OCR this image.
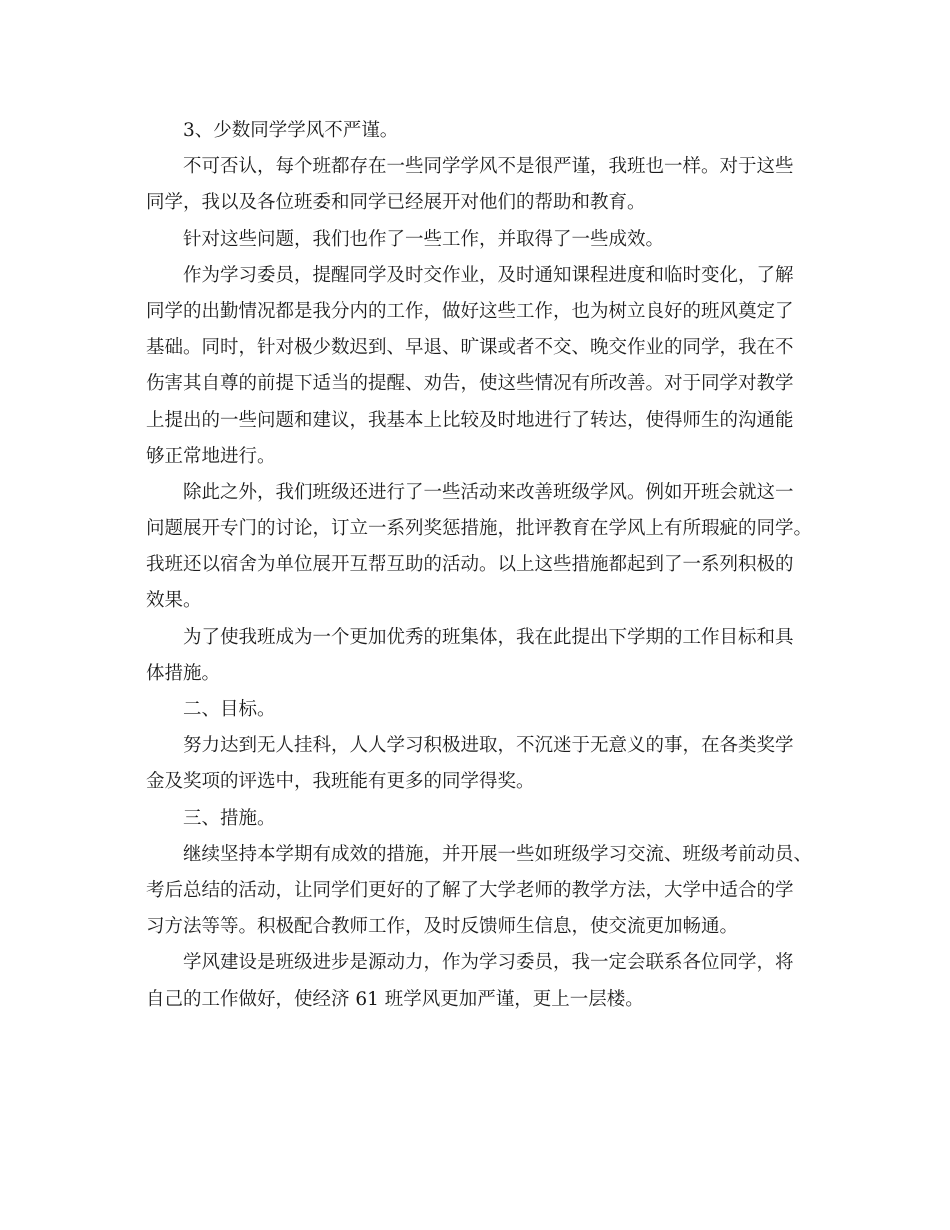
3、少数同学学风不严谨。
不可否认，每个班都存在一些同学学风不是很严谨，我班也一样。对于这些
同学，我以及各位班委和同学已经展开对他们的帮助和教育。
针对这些问题，我们也作了一些工作，并取得了一些成效。
作为学习委员，提醒同学及时交作业，及时通知课程进度和临时变化，了解
同学的出勤情况都是我分内的工作，做好这些工作，也为树立良好的班风奠定了
基础。同时，针对极少数迟到、早退、旷课或者不交、晚交作业的同学，我在不
伤害其自尊的前提下适当的提醒、劝告，使这些情况有所改善。对于同学对教学
上提出的一些问题和建议，我基本上比较及时地进行了转达，使得师生的沟通能
够正常地进行。
除此之外，我们班级还进行了一些活动来改善班级学风。例如开班会就这一
问题展开专门的讨论，订立一系列奖惩措施，批评教育在学风上有所瑕疵的同学。
我班还以宿舍为单位展开互帮互助的活动。以上这些措施都起到了一系列积极的
效果。
为了使我班成为一个更加优秀的班集体，我在此提出下学期的工作目标和具
体措施。
二、目标。
努力达到无人挂科，人人学习积极进取，不沉迷于无意义的事，在各类奖学
金及奖项的评选中，我班能有更多的同学得奖。
三、措施。
继续坚持本学期有成效的措施，并开展一些如班级学习交流、班级考前动员、
考后总结的活动，让同学们更好的了解了大学老师的教学方法，大学中适合的学
习方法等等。积极配合教师工作，及时反馈师生信息，使交流更加畅通。
学风建设是班级进步是源动力，作为学习委员，我一定会联系各位同学，将
自己的工作做好，使经济 61 班学风更加严谨，更上一层楼。
